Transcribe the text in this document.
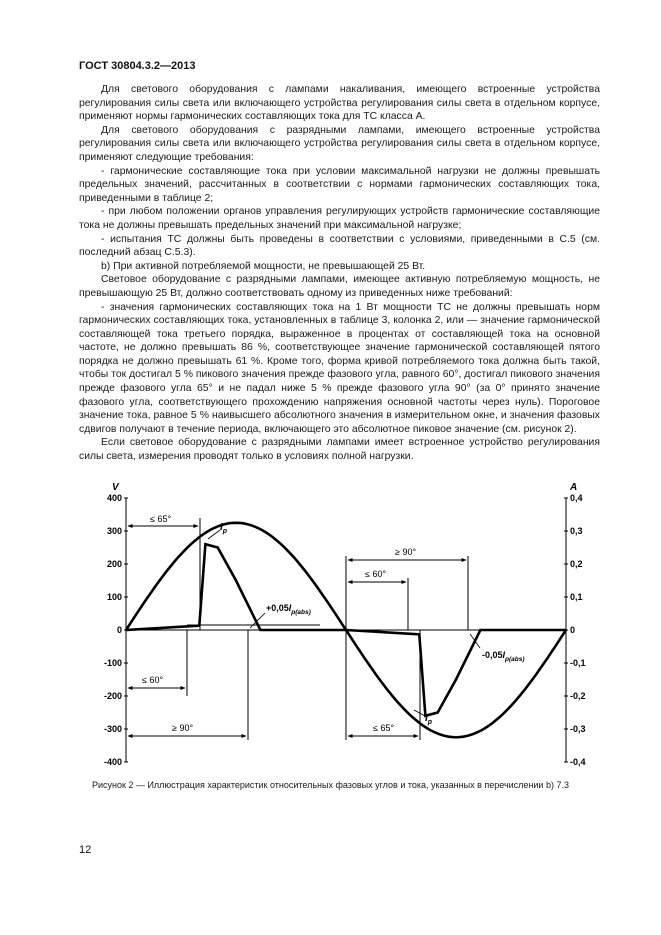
ГОСТ 30804.3.2—2013

Для светового оборудования с лампами накаливания, имеющего встроенные устройства регулирования силы света или включающего устройства регулирования силы света в отдельном корпусе, применяют нормы гармонических составляющих тока для ТС класса А.

Для светового оборудования с разрядными лампами, имеющего встроенные устройства регулирования силы света или включающего устройства регулирования силы света в отдельном корпусе, применяют следующие требования:

- гармонические составляющие тока при условии максимальной нагрузки не должны превышать предельных значений, рассчитанных в соответствии с нормами гармонических составляющих тока, приведенными в таблице 2;

- при любом положении органов управления регулирующих устройств гармонические составляющие тока не должны превышать предельных значений при максимальной нагрузке;

- испытания ТС должны быть проведены в соответствии с условиями, приведенными в С.5 (см. последний абзац С.5.3).

b) При активной потребляемой мощности, не превышающей 25 Вт.

Световое оборудование с разрядными лампами, имеющее активную потребляемую мощность, не превышающую 25 Вт, должно соответствовать одному из приведенных ниже требований:

- значения гармонических составляющих тока на 1 Вт мощности ТС не должны превышать норм гармонических составляющих тока, установленных в таблице 3, колонка 2, или — значение гармонической составляющей тока третьего порядка, выраженное в процентах от составляющей тока на основной частоте, не должно превышать 86 %, соответствующее значение гармонической составляющей пятого порядка не должно превышать 61 %. Кроме того, форма кривой потребляемого тока должна быть такой, чтобы ток достигал 5 % пикового значения прежде фазового угла, равного 60°, достигал пикового значения прежде фазового угла 65° и не падал ниже 5 % прежде фазового угла 90° (за 0° принято значение фазового угла, соответствующего прохождению напряжения основной частоты через нуль). Пороговое значение тока, равное 5 % наивысшего абсолютного значения в измерительном окне, и значения фазовых сдвигов получают в течение периода, включающего это абсолютное пиковое значение (см. рисунок 2).

Если световое оборудование с разрядными лампами имеет встроенное устройство регулирования силы света, измерения проводят только в условиях полной нагрузки.

V	A
400
300
200
100
0
-100
-200
-300
-400
0,4
0,3
0,2
0,1
0
-0,1
-0,2
-0,3
-0,4
≤ 65°
≤ 60°
≥ 90°
≥ 90°
≤ 60°
≤ 65°
$I_p$
$I_p$
$+0,05I_{p(abs)}$
$-0,05I_{p(abs)}$
Рисунок 2 — Иллюстрация характеристик относительных фазовых углов и тока, указанных в перечислении b) 7.3
12
